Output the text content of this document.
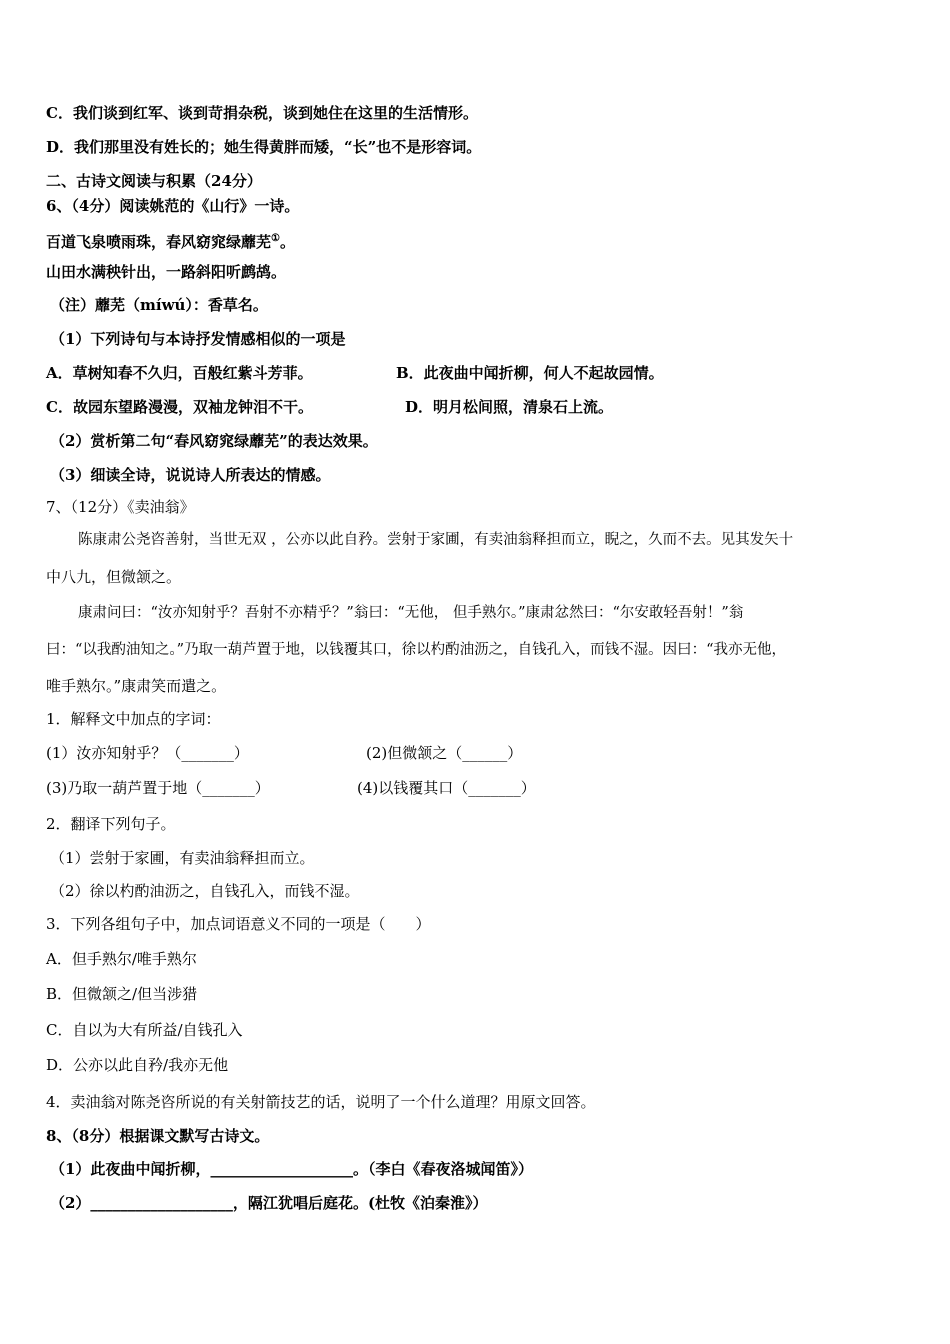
C．我们谈到红军、谈到苛捐杂税，谈到她住在这里的生活情形。
D．我们那里没有姓长的；她生得黄胖而矮，“长”也不是形容词。
二、古诗文阅读与积累（24分）
6、（4分）阅读姚范的《山行》一诗。
百道飞泉喷雨珠，春风窈窕绿蘼芜①。
山田水满秧针出，一路斜阳听鹧鸪。
（注）蘼芜（míwú）：香草名。
（1）下列诗句与本诗抒发情感相似的一项是
A．草树知春不久归，百般红紫斗芳菲。	B．此夜曲中闻折柳，何人不起故园情。
C．故园东望路漫漫，双袖龙钟泪不干。	D．明月松间照，清泉石上流。
（2）赏析第二句“春风窈窕绿蘼芜”的表达效果。
（3）细读全诗，说说诗人所表达的情感。
7、（12分）《卖油翁》
陈康肃公尧咨善射，当世无双 ，公亦以此自矜。尝射于家圃，有卖油翁释担而立，睨之，久而不去。见其发矢十
中八九，但微颔之。
康肃问曰：“汝亦知射乎？吾射不亦精乎？”翁曰：“无他， 但手熟尔。”康肃忿然曰：“尔安敢轻吾射！”翁
曰：“以我酌油知之。”乃取一葫芦置于地，以钱覆其口，徐以杓酌油沥之，自钱孔入，而钱不湿。因曰：“我亦无他，
唯手熟尔。”康肃笑而遣之。
1．解释文中加点的字词：
(1）汝亦知射乎？（_______）	(2)但微颔之（______）
(3)乃取一葫芦置于地（_______）	(4)以钱覆其口（_______）
2．翻译下列句子。
（1）尝射于家圃，有卖油翁释担而立。
（2）徐以杓酌油沥之，自钱孔入，而钱不湿。
3．下列各组句子中，加点词语意义不同的一项是（　　）
A．但手熟尔/唯手熟尔
B．但微颔之/但当涉猎
C．自以为大有所益/自钱孔入
D．公亦以此自矜/我亦无他
4．卖油翁对陈尧咨所说的有关射箭技艺的话，说明了一个什么道理？用原文回答。
8、（8分）根据课文默写古诗文。
（1）此夜曲中闻折柳，___________________。（李白《春夜洛城闻笛》）
（2）___________________，隔江犹唱后庭花。(杜牧《泊秦淮》）
